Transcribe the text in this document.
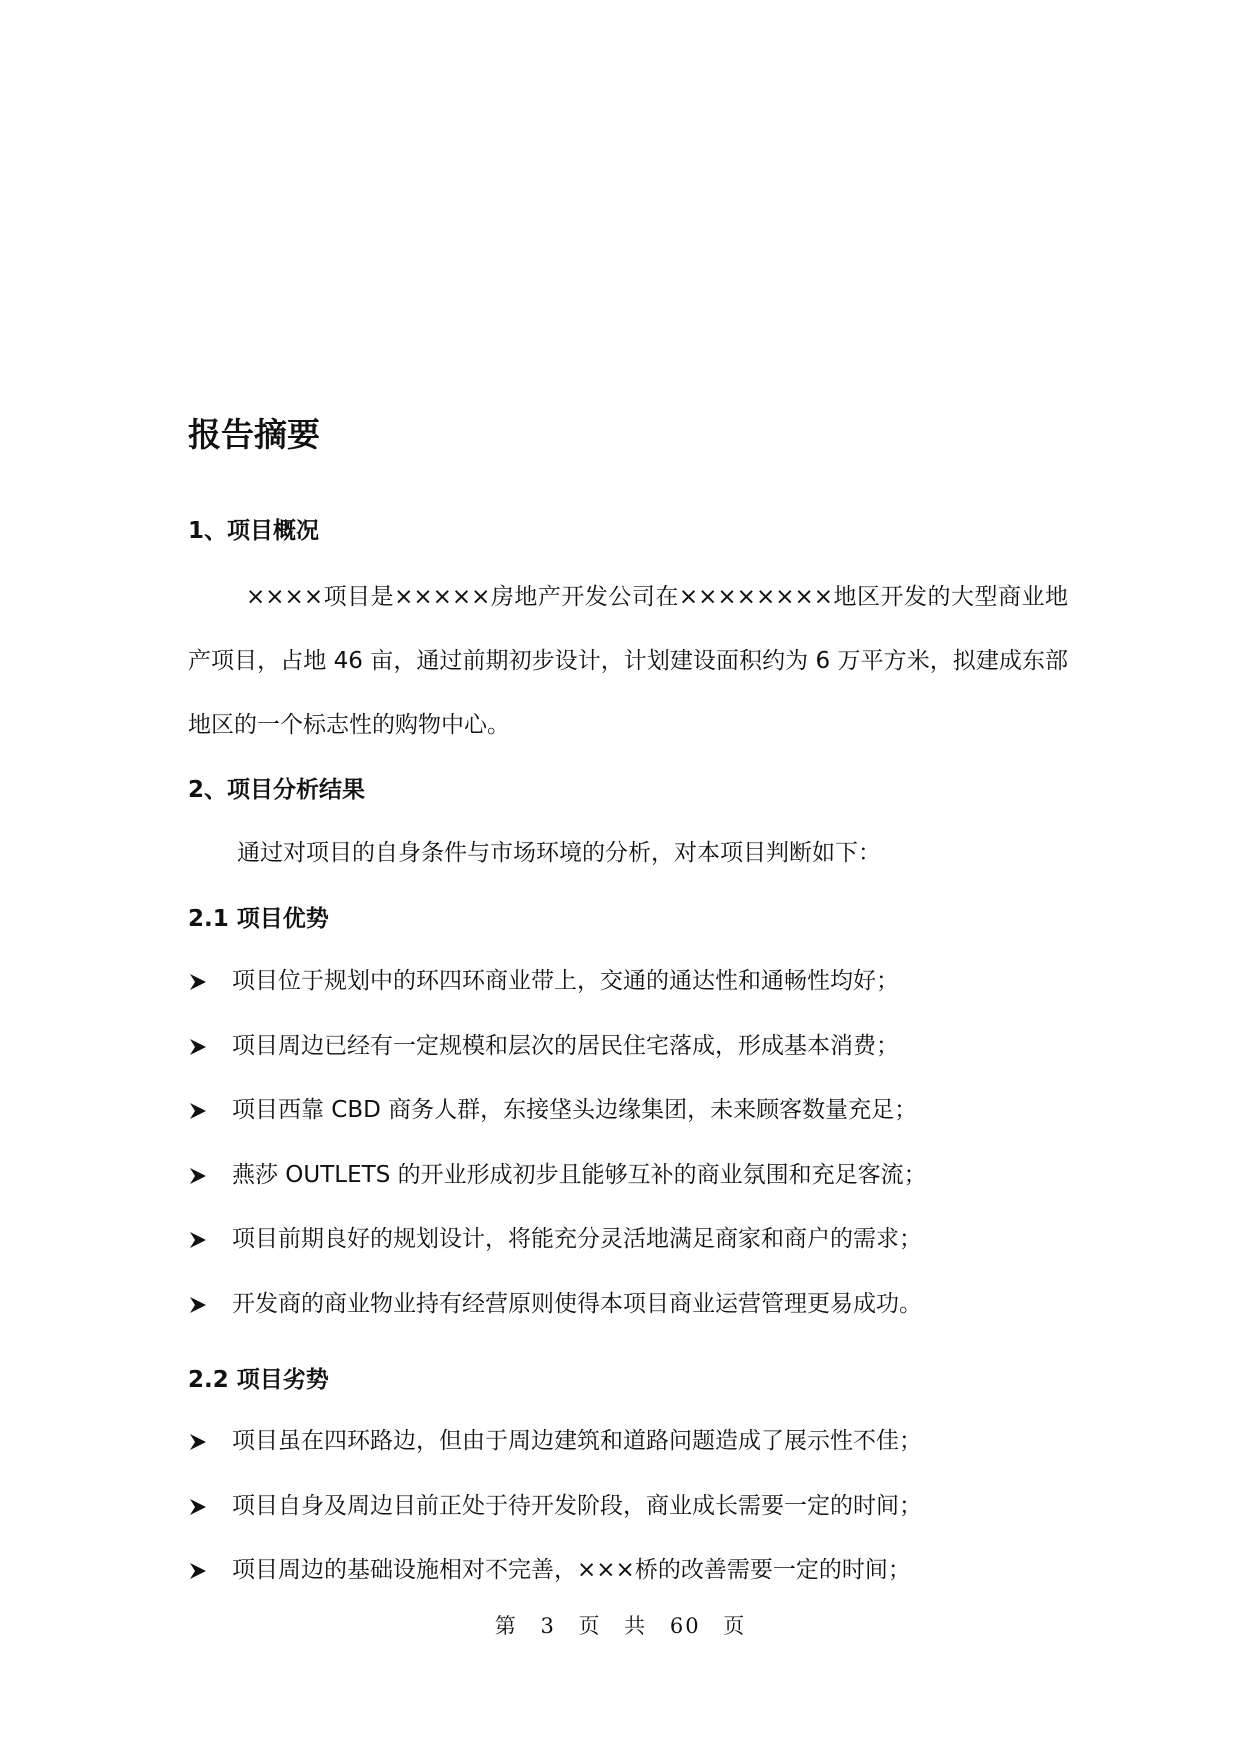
报告摘要
1、项目概况
××××项目是×××××房地产开发公司在××××××××地区开发的大型商业地产项目，占地 46 亩，通过前期初步设计，计划建设面积约为 6 万平方米，拟建成东部地区的一个标志性的购物中心。
2、项目分析结果
通过对项目的自身条件与市场环境的分析，对本项目判断如下：
2.1 项目优势
2.2 项目劣势
项目位于规划中的环四环商业带上，交通的通达性和通畅性均好；
项目周边已经有一定规模和层次的居民住宅落成，形成基本消费；
项目西靠 CBD 商务人群，东接垡头边缘集团，未来顾客数量充足；
燕莎 OUTLETS 的开业形成初步且能够互补的商业氛围和充足客流；
项目前期良好的规划设计，将能充分灵活地满足商家和商户的需求；
开发商的商业物业持有经营原则使得本项目商业运营管理更易成功。
项目虽在四环路边，但由于周边建筑和道路问题造成了展示性不佳；
项目自身及周边目前正处于待开发阶段，商业成长需要一定的时间；
项目周边的基础设施相对不完善，×××桥的改善需要一定的时间；
第 3 页 共 60 页
